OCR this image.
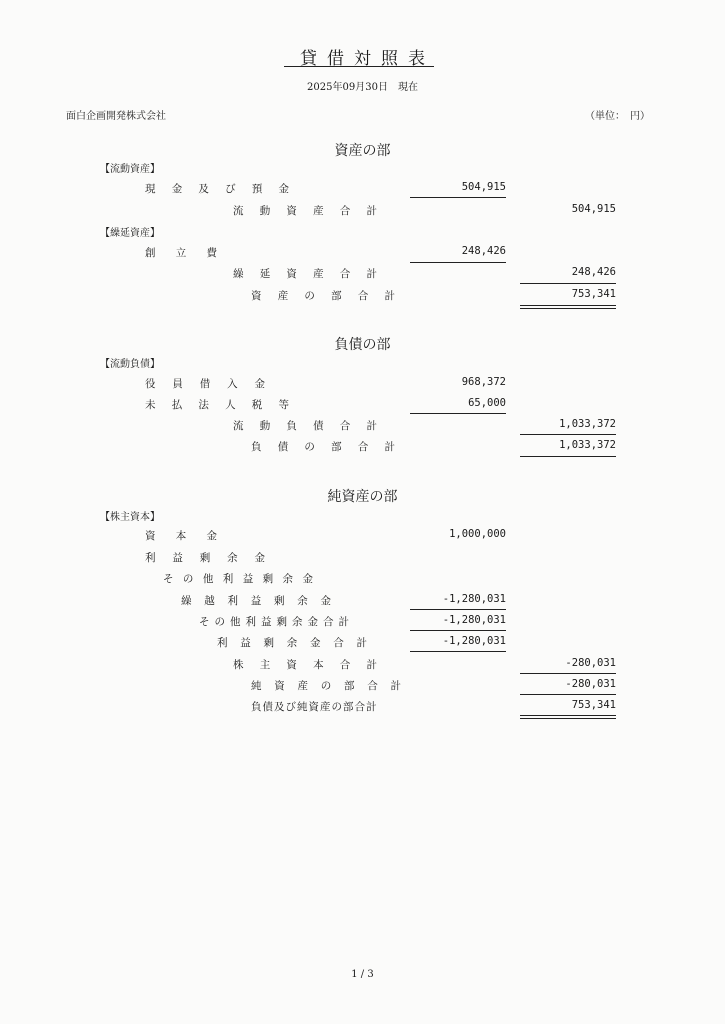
貸借対照表
2025年09月30日　現在
面白企画開発株式会社	（単位：　円）
資産の部
【流動資産】
現 金 及 び 預 金	504,915
流 動 資 産 合 計	504,915
【繰延資産】
創 立 費	248,426
繰 延 資 産 合 計	248,426
資 産 の 部 合 計	753,341
負債の部
【流動負債】
役 員 借 入 金	968,372
未 払 法 人 税 等	65,000
流 動 負 債 合 計	1,033,372
負 債 の 部 合 計	1,033,372
純資産の部
【株主資本】
資 本 金	1,000,000
利 益 剰 余 金
そ の 他 利 益 剰 余 金
繰 越 利 益 剰 余 金	-1,280,031
そ の 他 利 益 剰 余 金 合 計	-1,280,031
利 益 剰 余 金 合 計	-1,280,031
株 主 資 本 合 計	-280,031
純 資 産 の 部 合 計	-280,031
負債及び純資産の部合計	753,341
1 / 3
